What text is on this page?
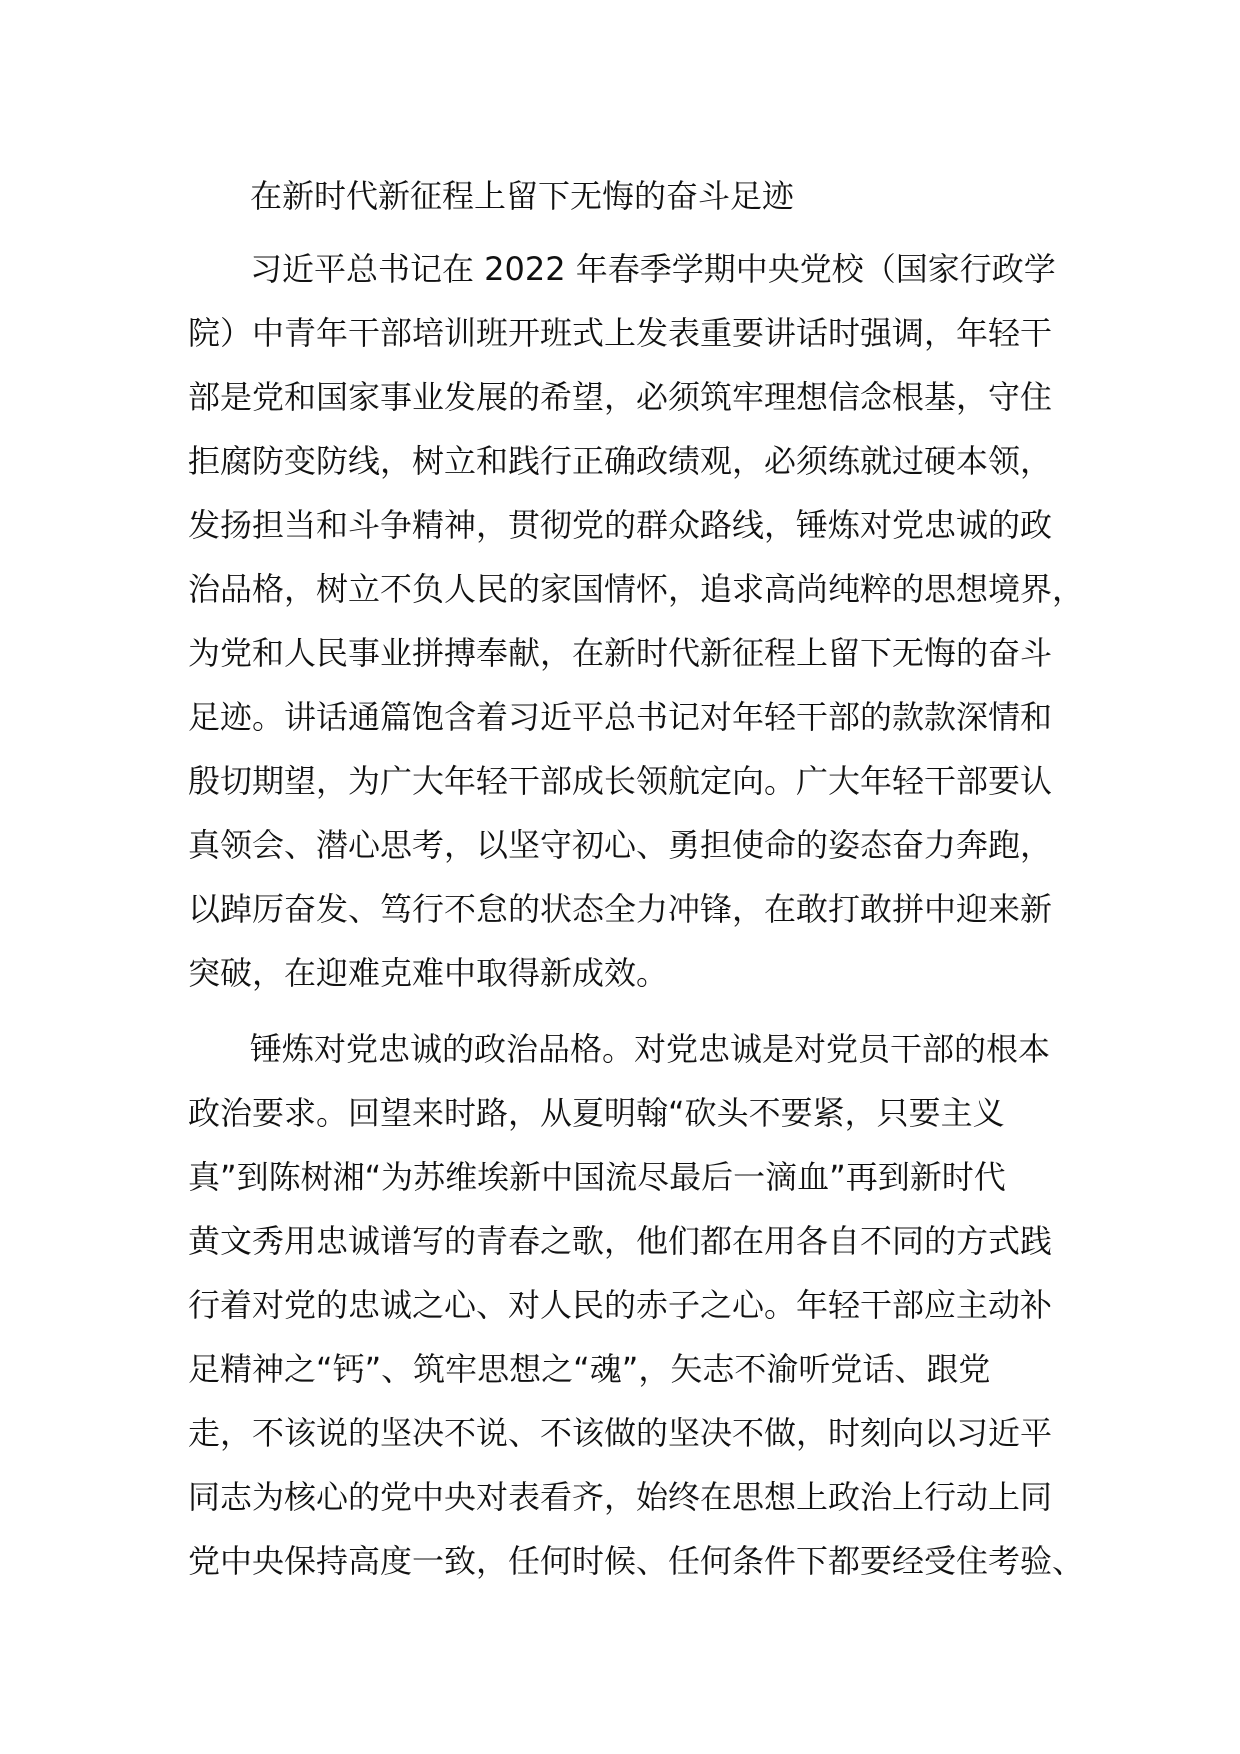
在新时代新征程上留下无悔的奋斗足迹
习近平总书记在 2022 年春季学期中央党校（国家行政学
院）中青年干部培训班开班式上发表重要讲话时强调，年轻干
部是党和国家事业发展的希望，必须筑牢理想信念根基，守住
拒腐防变防线，树立和践行正确政绩观，必须练就过硬本领，
发扬担当和斗争精神，贯彻党的群众路线，锤炼对党忠诚的政
治品格，树立不负人民的家国情怀，追求高尚纯粹的思想境界，
为党和人民事业拼搏奉献，在新时代新征程上留下无悔的奋斗
足迹。讲话通篇饱含着习近平总书记对年轻干部的款款深情和
殷切期望，为广大年轻干部成长领航定向。广大年轻干部要认
真领会、潜心思考，以坚守初心、勇担使命的姿态奋力奔跑，
以踔厉奋发、笃行不怠的状态全力冲锋，在敢打敢拼中迎来新
突破，在迎难克难中取得新成效。
锤炼对党忠诚的政治品格。对党忠诚是对党员干部的根本
政治要求。回望来时路，从夏明翰“砍头不要紧，只要主义
真”到陈树湘“为苏维埃新中国流尽最后一滴血”再到新时代
黄文秀用忠诚谱写的青春之歌，他们都在用各自不同的方式践
行着对党的忠诚之心、对人民的赤子之心。年轻干部应主动补
足精神之“钙”、筑牢思想之“魂”，矢志不渝听党话、跟党
走，不该说的坚决不说、不该做的坚决不做，时刻向以习近平
同志为核心的党中央对表看齐，始终在思想上政治上行动上同
党中央保持高度一致，任何时候、任何条件下都要经受住考验、
